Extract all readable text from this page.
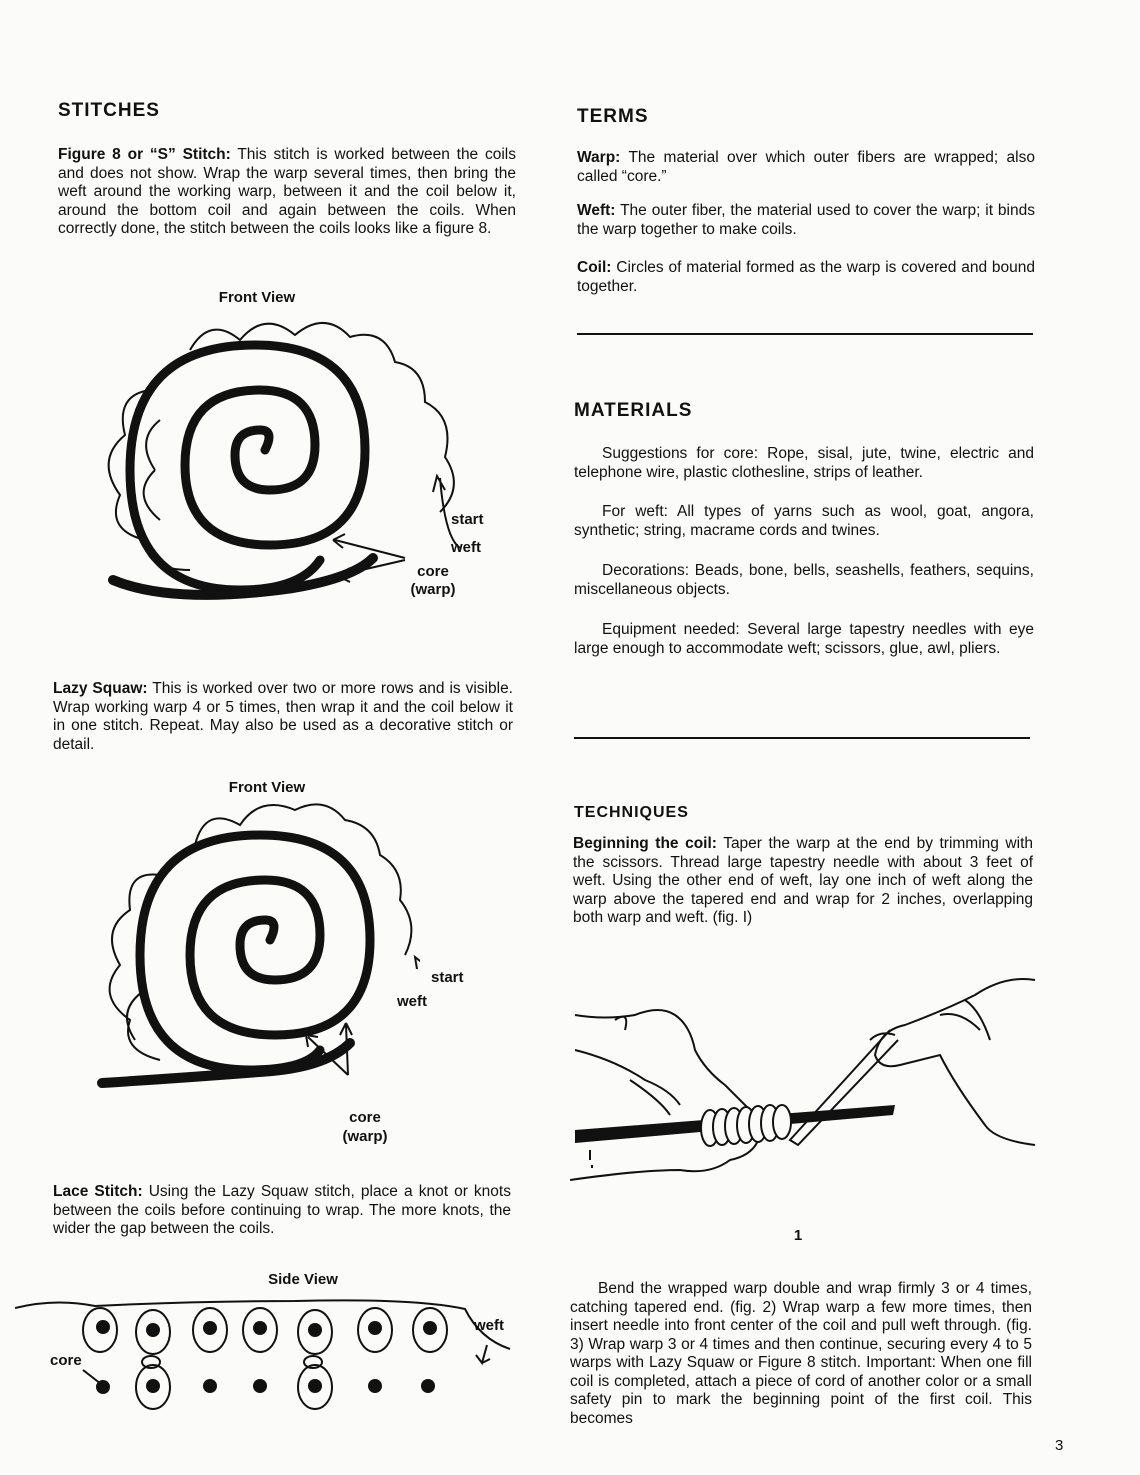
STITCHES

Figure 8 or “S” Stitch: This stitch is worked between the coils and does not show. Wrap the warp several times, then bring the weft around the working warp, between it and the coil below it, around the bottom coil and again between the coils. When correctly done, the stitch between the coils looks like a figure 8.

Front View
start
weft
core
(warp)

Lazy Squaw: This is worked over two or more rows and is visible. Wrap working warp 4 or 5 times, then wrap it and the coil below it in one stitch. Repeat. May also be used as a decorative stitch or detail.

Front View
start
weft
core
(warp)

Lace Stitch: Using the Lazy Squaw stitch, place a knot or knots between the coils before continuing to wrap. The more knots, the wider the gap between the coils.

Side View
weft
core
TERMS

Warp: The material over which outer fibers are wrapped; also called “core.”

Weft: The outer fiber, the material used to cover the warp; it binds the warp together to make coils.

Coil: Circles of material formed as the warp is covered and bound together.

MATERIALS

Suggestions for core: Rope, sisal, jute, twine, electric and telephone wire, plastic clothesline, strips of leather.

For weft: All types of yarns such as wool, goat, angora, synthetic; string, macrame cords and twines.

Decorations: Beads, bone, bells, seashells, feathers, sequins, miscellaneous objects.

Equipment needed: Several large tapestry needles with eye large enough to accommodate weft; scissors, glue, awl, pliers.

TECHNIQUES

Beginning the coil: Taper the warp at the end by trimming with the scissors. Thread large tapestry needle with about 3 feet of weft. Using the other end of weft, lay one inch of weft along the warp above the tapered end and wrap for 2 inches, overlapping both warp and weft. (fig. I)

1

Bend the wrapped warp double and wrap firmly 3 or 4 times, catching tapered end. (fig. 2) Wrap warp a few more times, then insert needle into front center of the coil and pull weft through. (fig. 3) Wrap warp 3 or 4 times and then continue, securing every 4 to 5 warps with Lazy Squaw or Figure 8 stitch. Important: When one fill coil is completed, attach a piece of cord of another color or a small safety pin to mark the beginning point of the first coil. This becomes

3
